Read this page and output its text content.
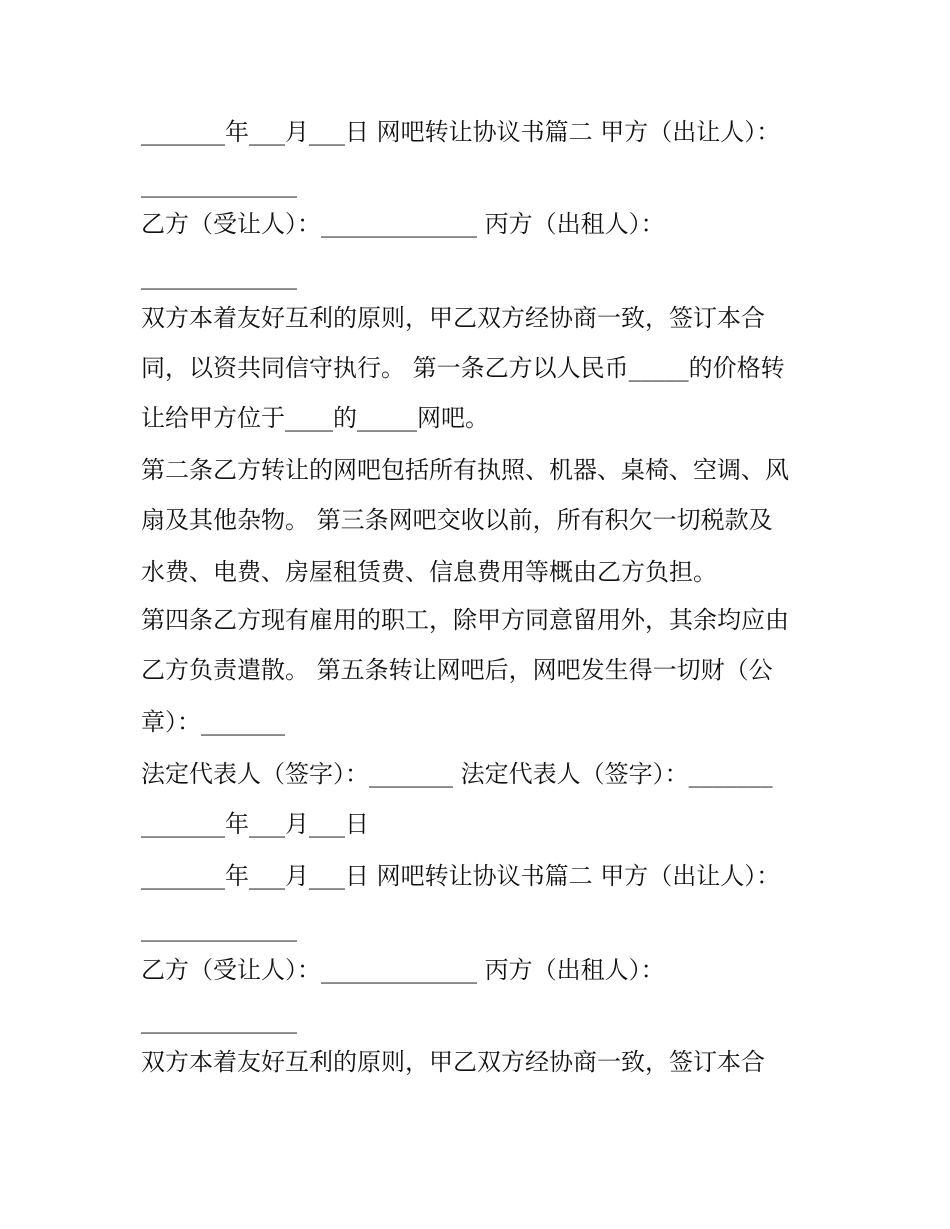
_______年___月___日 网吧转让协议书篇二 甲方（出让人）：
_____________
乙方（受让人）：_____________ 丙方（出租人）：
_____________
双方本着友好互利的原则，甲乙双方经协商一致，签订本合
同，以资共同信守执行。 第一条乙方以人民币_____的价格转
让给甲方位于____的_____网吧。
第二条乙方转让的网吧包括所有执照、机器、桌椅、空调、风
扇及其他杂物。 第三条网吧交收以前，所有积欠一切税款及
水费、电费、房屋租赁费、信息费用等概由乙方负担。
第四条乙方现有雇用的职工，除甲方同意留用外，其余均应由
乙方负责遣散。 第五条转让网吧后，网吧发生得一切财（公
章）：_______
法定代表人（签字）：_______ 法定代表人（签字）：_______
_______年___月___日
_______年___月___日 网吧转让协议书篇二 甲方（出让人）：
_____________
乙方（受让人）：_____________ 丙方（出租人）：
_____________
双方本着友好互利的原则，甲乙双方经协商一致，签订本合
